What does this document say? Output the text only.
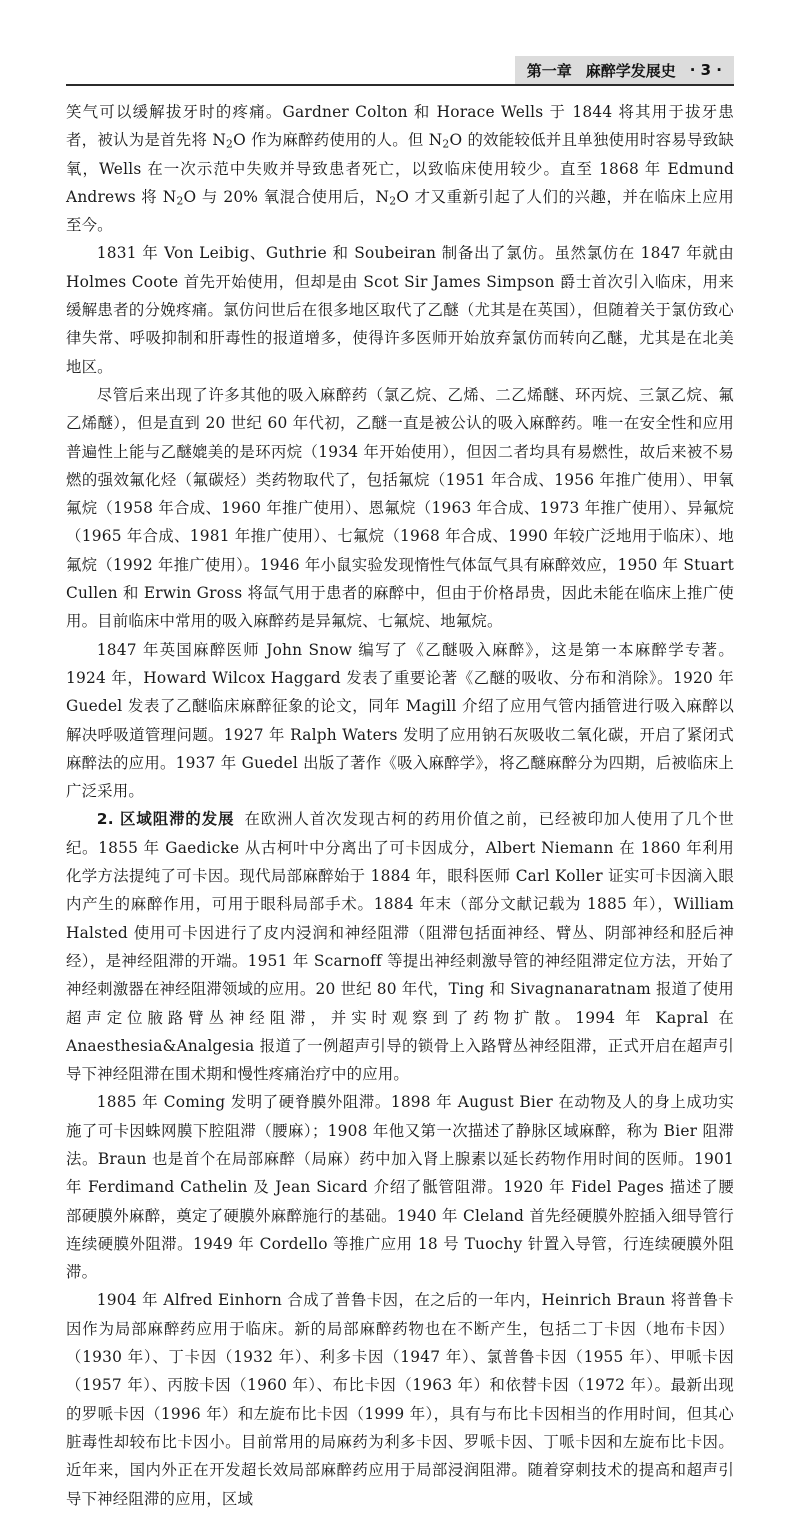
第一章 麻醉学发展史 · 3 ·

笑气可以缓解拔牙时的疼痛。Gardner Colton 和 Horace Wells 于 1844 将其用于拔牙患者，被认为是首先将 $N_2O$ 作为麻醉药使用的人。但 $N_2O$ 的效能较低并且单独使用时容易导致缺氧，Wells 在一次示范中失败并导致患者死亡，以致临床使用较少。直至 1868 年 Edmund Andrews 将 $N_2O$ 与 20% 氧混合使用后，$N_2O$ 才又重新引起了人们的兴趣，并在临床上应用至今。

1831 年 Von Leibig、Guthrie 和 Soubeiran 制备出了氯仿。虽然氯仿在 1847 年就由 Holmes Coote 首先开始使用，但却是由 Scot Sir James Simpson 爵士首次引入临床，用来缓解患者的分娩疼痛。氯仿问世后在很多地区取代了乙醚（尤其是在英国），但随着关于氯仿致心律失常、呼吸抑制和肝毒性的报道增多，使得许多医师开始放弃氯仿而转向乙醚，尤其是在北美地区。

尽管后来出现了许多其他的吸入麻醉药（氯乙烷、乙烯、二乙烯醚、环丙烷、三氯乙烷、氟乙烯醚），但是直到 20 世纪 60 年代初，乙醚一直是被公认的吸入麻醉药。唯一在安全性和应用普遍性上能与乙醚媲美的是环丙烷（1934 年开始使用），但因二者均具有易燃性，故后来被不易燃的强效氟化烃（氟碳烃）类药物取代了，包括氟烷（1951 年合成、1956 年推广使用）、甲氧氟烷（1958 年合成、1960 年推广使用）、恩氟烷（1963 年合成、1973 年推广使用）、异氟烷（1965 年合成、1981 年推广使用）、七氟烷（1968 年合成、1990 年较广泛地用于临床）、地氟烷（1992 年推广使用）。1946 年小鼠实验发现惰性气体氙气具有麻醉效应，1950 年 Stuart Cullen 和 Erwin Gross 将氙气用于患者的麻醉中，但由于价格昂贵，因此未能在临床上推广使用。目前临床中常用的吸入麻醉药是异氟烷、七氟烷、地氟烷。

1847 年英国麻醉医师 John Snow 编写了《乙醚吸入麻醉》，这是第一本麻醉学专著。1924 年，Howard Wilcox Haggard 发表了重要论著《乙醚的吸收、分布和消除》。1920 年 Guedel 发表了乙醚临床麻醉征象的论文，同年 Magill 介绍了应用气管内插管进行吸入麻醉以解决呼吸道管理问题。1927 年 Ralph Waters 发明了应用钠石灰吸收二氧化碳，开启了紧闭式麻醉法的应用。1937 年 Guedel 出版了著作《吸入麻醉学》，将乙醚麻醉分为四期，后被临床上广泛采用。

2. 区域阻滞的发展 在欧洲人首次发现古柯的药用价值之前，已经被印加人使用了几个世纪。1855 年 Gaedicke 从古柯叶中分离出了可卡因成分，Albert Niemann 在 1860 年利用化学方法提纯了可卡因。现代局部麻醉始于 1884 年，眼科医师 Carl Koller 证实可卡因滴入眼内产生的麻醉作用，可用于眼科局部手术。1884 年末（部分文献记载为 1885 年），William Halsted 使用可卡因进行了皮内浸润和神经阻滞（阻滞包括面神经、臂丛、阴部神经和胫后神经），是神经阻滞的开端。1951 年 Scarnoff 等提出神经刺激导管的神经阻滞定位方法，开始了神经刺激器在神经阻滞领域的应用。20 世纪 80 年代，Ting 和 Sivagnanaratnam 报道了使用超声定位腋路臂丛神经阻滞，并实时观察到了药物扩散。1994 年 Kapral 在 Anaesthesia&Analgesia 报道了一例超声引导的锁骨上入路臂丛神经阻滞，正式开启在超声引导下神经阻滞在围术期和慢性疼痛治疗中的应用。

1885 年 Coming 发明了硬脊膜外阻滞。1898 年 August Bier 在动物及人的身上成功实施了可卡因蛛网膜下腔阻滞（腰麻）；1908 年他又第一次描述了静脉区域麻醉，称为 Bier 阻滞法。Braun 也是首个在局部麻醉（局麻）药中加入肾上腺素以延长药物作用时间的医师。1901 年 Ferdimand Cathelin 及 Jean Sicard 介绍了骶管阻滞。1920 年 Fidel Pages 描述了腰部硬膜外麻醉，奠定了硬膜外麻醉施行的基础。1940 年 Cleland 首先经硬膜外腔插入细导管行连续硬膜外阻滞。1949 年 Cordello 等推广应用 18 号 Tuochy 针置入导管，行连续硬膜外阻滞。

1904 年 Alfred Einhorn 合成了普鲁卡因，在之后的一年内，Heinrich Braun 将普鲁卡因作为局部麻醉药应用于临床。新的局部麻醉药物也在不断产生，包括二丁卡因（地布卡因）（1930 年）、丁卡因（1932 年）、利多卡因（1947 年）、氯普鲁卡因（1955 年）、甲哌卡因（1957 年）、丙胺卡因（1960 年）、布比卡因（1963 年）和依替卡因（1972 年）。最新出现的罗哌卡因（1996 年）和左旋布比卡因（1999 年），具有与布比卡因相当的作用时间，但其心脏毒性却较布比卡因小。目前常用的局麻药为利多卡因、罗哌卡因、丁哌卡因和左旋布比卡因。近年来，国内外正在开发超长效局部麻醉药应用于局部浸润阻滞。随着穿刺技术的提高和超声引导下神经阻滞的应用，区域
